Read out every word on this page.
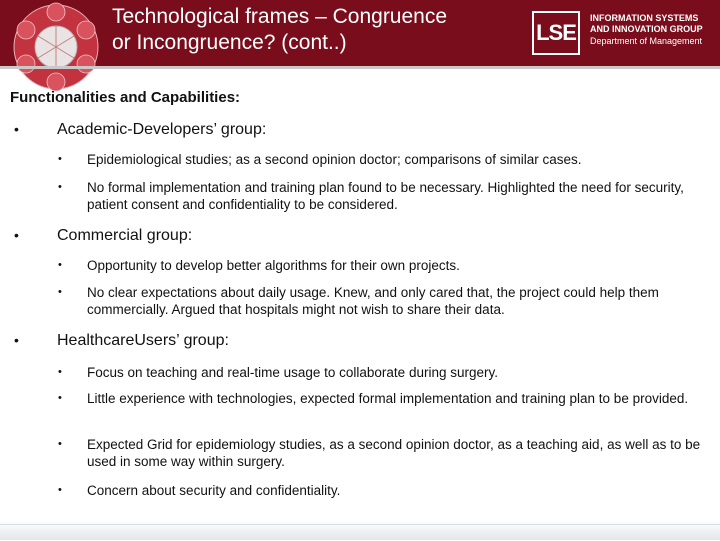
Technological frames – Congruence
or Incongruence? (cont..)	LSE
INFORMATION SYSTEMS
AND INNOVATION GROUP
Department of Management
Functionalities and Capabilities:
• Academic-Developers’ group:
• Epidemiological studies; as a second opinion doctor; comparisons of similar cases.
• No formal implementation and training plan found to be necessary. Highlighted the need for security, patient consent and confidentiality to be considered.
• Commercial group:
• Opportunity to develop better algorithms for their own projects.
• No clear expectations about daily usage. Knew, and only cared that, the project could help them commercially. Argued that hospitals might not wish to share their data.
• HealthcareUsers’ group:
• Focus on teaching and real-time usage to collaborate during surgery.
• Little experience with technologies, expected formal implementation and training plan to be provided.
• Expected Grid for epidemiology studies, as a second opinion doctor, as a teaching aid, as well as to be used in some way within surgery.
• Concern about security and confidentiality.
